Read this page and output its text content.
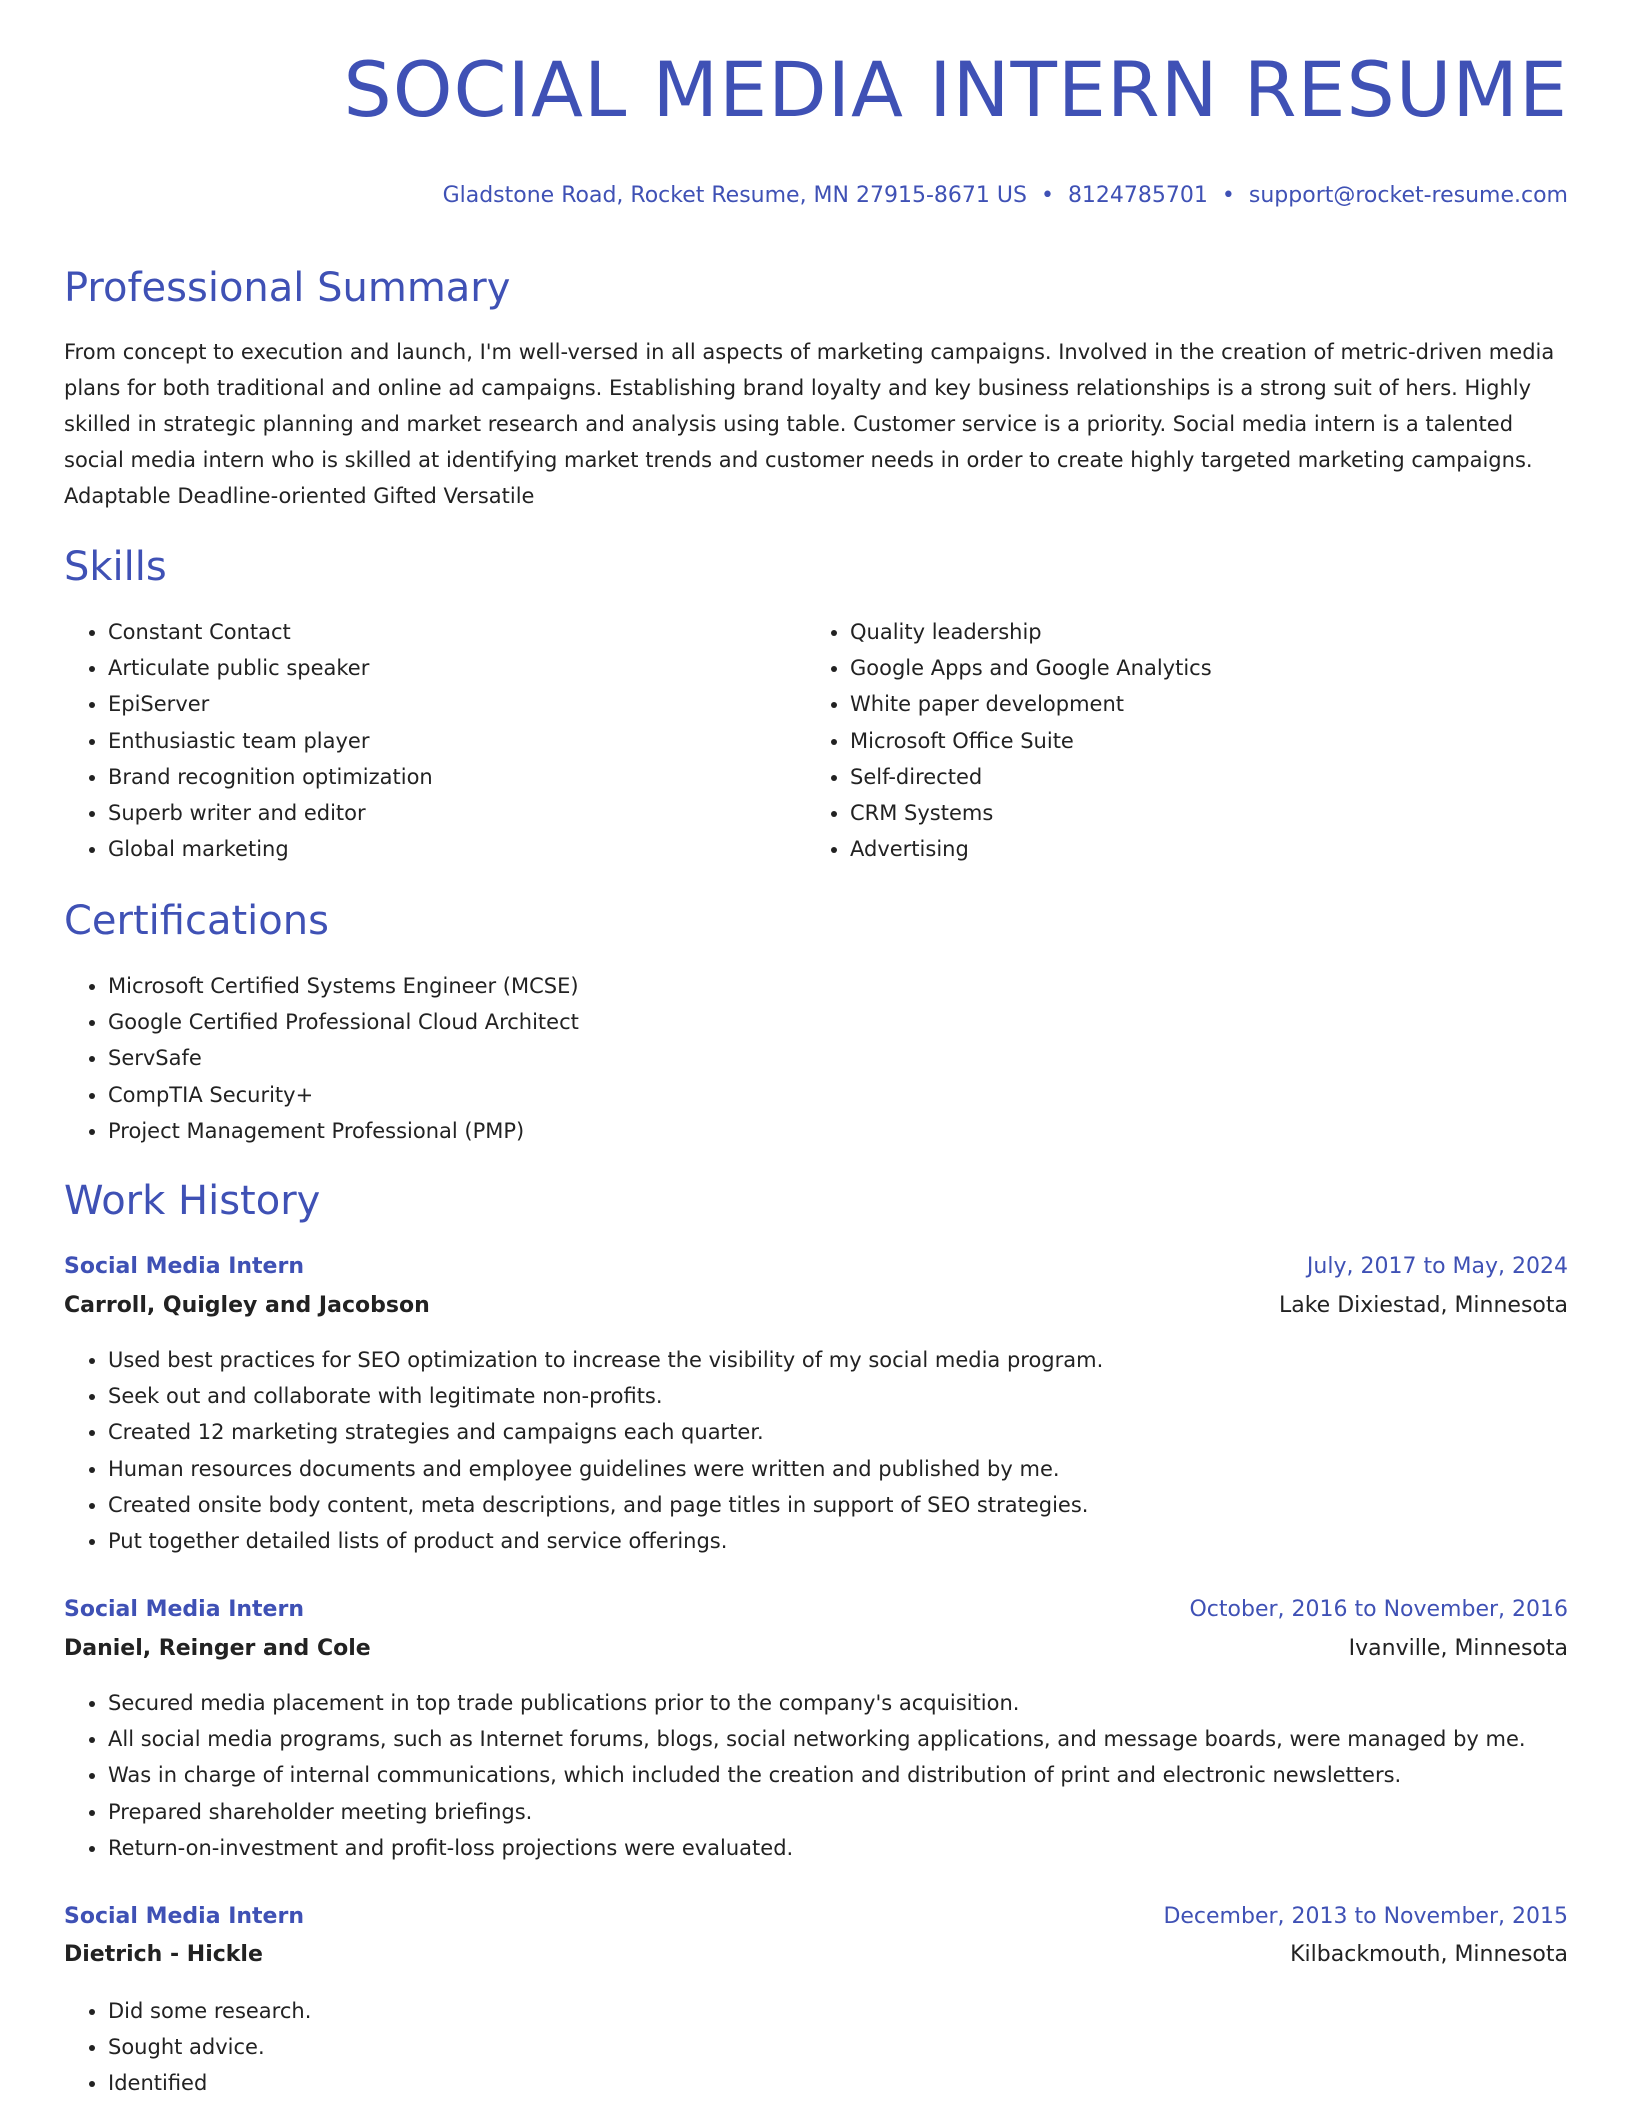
SOCIAL MEDIA INTERN RESUME
Gladstone Road, Rocket Resume, MN 27915-8671 US • 8124785701 • support@rocket-resume.com
Professional Summary

From concept to execution and launch, I'm well-versed in all aspects of marketing campaigns. Involved in the creation of metric-driven media plans for both traditional and online ad campaigns. Establishing brand loyalty and key business relationships is a strong suit of hers. Highly skilled in strategic planning and market research and analysis using table. Customer service is a priority. Social media intern is a talented social media intern who is skilled at identifying market trends and customer needs in order to create highly targeted marketing campaigns. Adaptable Deadline-oriented Gifted Versatile

Skills
• Constant Contact
• Articulate public speaker
• EpiServer
• Enthusiastic team player
• Brand recognition optimization
• Superb writer and editor
• Global marketing
• Quality leadership
• Google Apps and Google Analytics
• White paper development
• Microsoft Office Suite
• Self-directed
• CRM Systems
• Advertising
Certifications
• Microsoft Certified Systems Engineer (MCSE)
• Google Certified Professional Cloud Architect
• ServSafe
• CompTIA Security+
• Project Management Professional (PMP)
Work History
Social Media Intern	July, 2017 to May, 2024
Carroll, Quigley and Jacobson	Lake Dixiestad, Minnesota
• Used best practices for SEO optimization to increase the visibility of my social media program.
• Seek out and collaborate with legitimate non-profits.
• Created 12 marketing strategies and campaigns each quarter.
• Human resources documents and employee guidelines were written and published by me.
• Created onsite body content, meta descriptions, and page titles in support of SEO strategies.
• Put together detailed lists of product and service offerings.
Social Media Intern	October, 2016 to November, 2016
Daniel, Reinger and Cole	Ivanville, Minnesota
• Secured media placement in top trade publications prior to the company's acquisition.
• All social media programs, such as Internet forums, blogs, social networking applications, and message boards, were managed by me.
• Was in charge of internal communications, which included the creation and distribution of print and electronic newsletters.
• Prepared shareholder meeting briefings.
• Return-on-investment and profit-loss projections were evaluated.
Social Media Intern	December, 2013 to November, 2015
Dietrich - Hickle	Kilbackmouth, Minnesota
• Did some research.
• Sought advice.
• Identified
